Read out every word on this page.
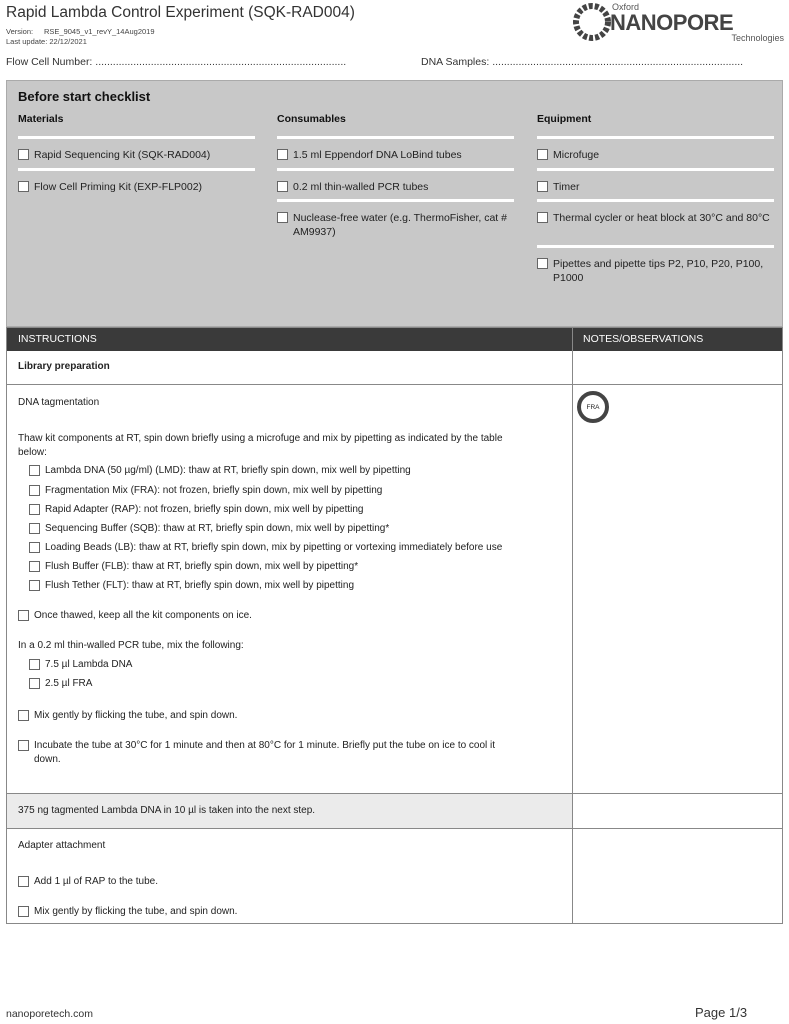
Rapid Lambda Control Experiment (SQK-RAD004)
Version: RSE_9045_v1_revY_14Aug2019
Last update: 22/12/2021
Oxford
NANOPORE
Technologies
Flow Cell Number: ......................................................................................	DNA Samples: ......................................................................................
Before start checklist
Materials	Consumables	Equipment
Rapid Sequencing Kit (SQK-RAD004)
Flow Cell Priming Kit (EXP-FLP002)
1.5 ml Eppendorf DNA LoBind tubes
0.2 ml thin-walled PCR tubes
Nuclease-free water (e.g. ThermoFisher, cat # AM9937)
Microfuge
Timer
Thermal cycler or heat block at 30°C and 80°C
Pipettes and pipette tips P2, P10, P20, P100, P1000
INSTRUCTIONS	NOTES/OBSERVATIONS
Library preparation
DNA tagmentation	FRA
Thaw kit components at RT, spin down briefly using a microfuge and mix by pipetting as indicated by the table
below:
Lambda DNA (50 µg/ml) (LMD): thaw at RT, briefly spin down, mix well by pipetting
Fragmentation Mix (FRA): not frozen, briefly spin down, mix well by pipetting
Rapid Adapter (RAP): not frozen, briefly spin down, mix well by pipetting
Sequencing Buffer (SQB): thaw at RT, briefly spin down, mix well by pipetting*
Loading Beads (LB): thaw at RT, briefly spin down, mix by pipetting or vortexing immediately before use
Flush Buffer (FLB): thaw at RT, briefly spin down, mix well by pipetting*
Flush Tether (FLT): thaw at RT, briefly spin down, mix well by pipetting
Once thawed, keep all the kit components on ice.
In a 0.2 ml thin-walled PCR tube, mix the following:
7.5 µl Lambda DNA
2.5 µl FRA
Mix gently by flicking the tube, and spin down.
Incubate the tube at 30°C for 1 minute and then at 80°C for 1 minute. Briefly put the tube on ice to cool it
down.
375 ng tagmented Lambda DNA in 10 µl is taken into the next step.
Adapter attachment
Add 1 µl of RAP to the tube.
Mix gently by flicking the tube, and spin down.
nanoporetech.com	Page 1/3
